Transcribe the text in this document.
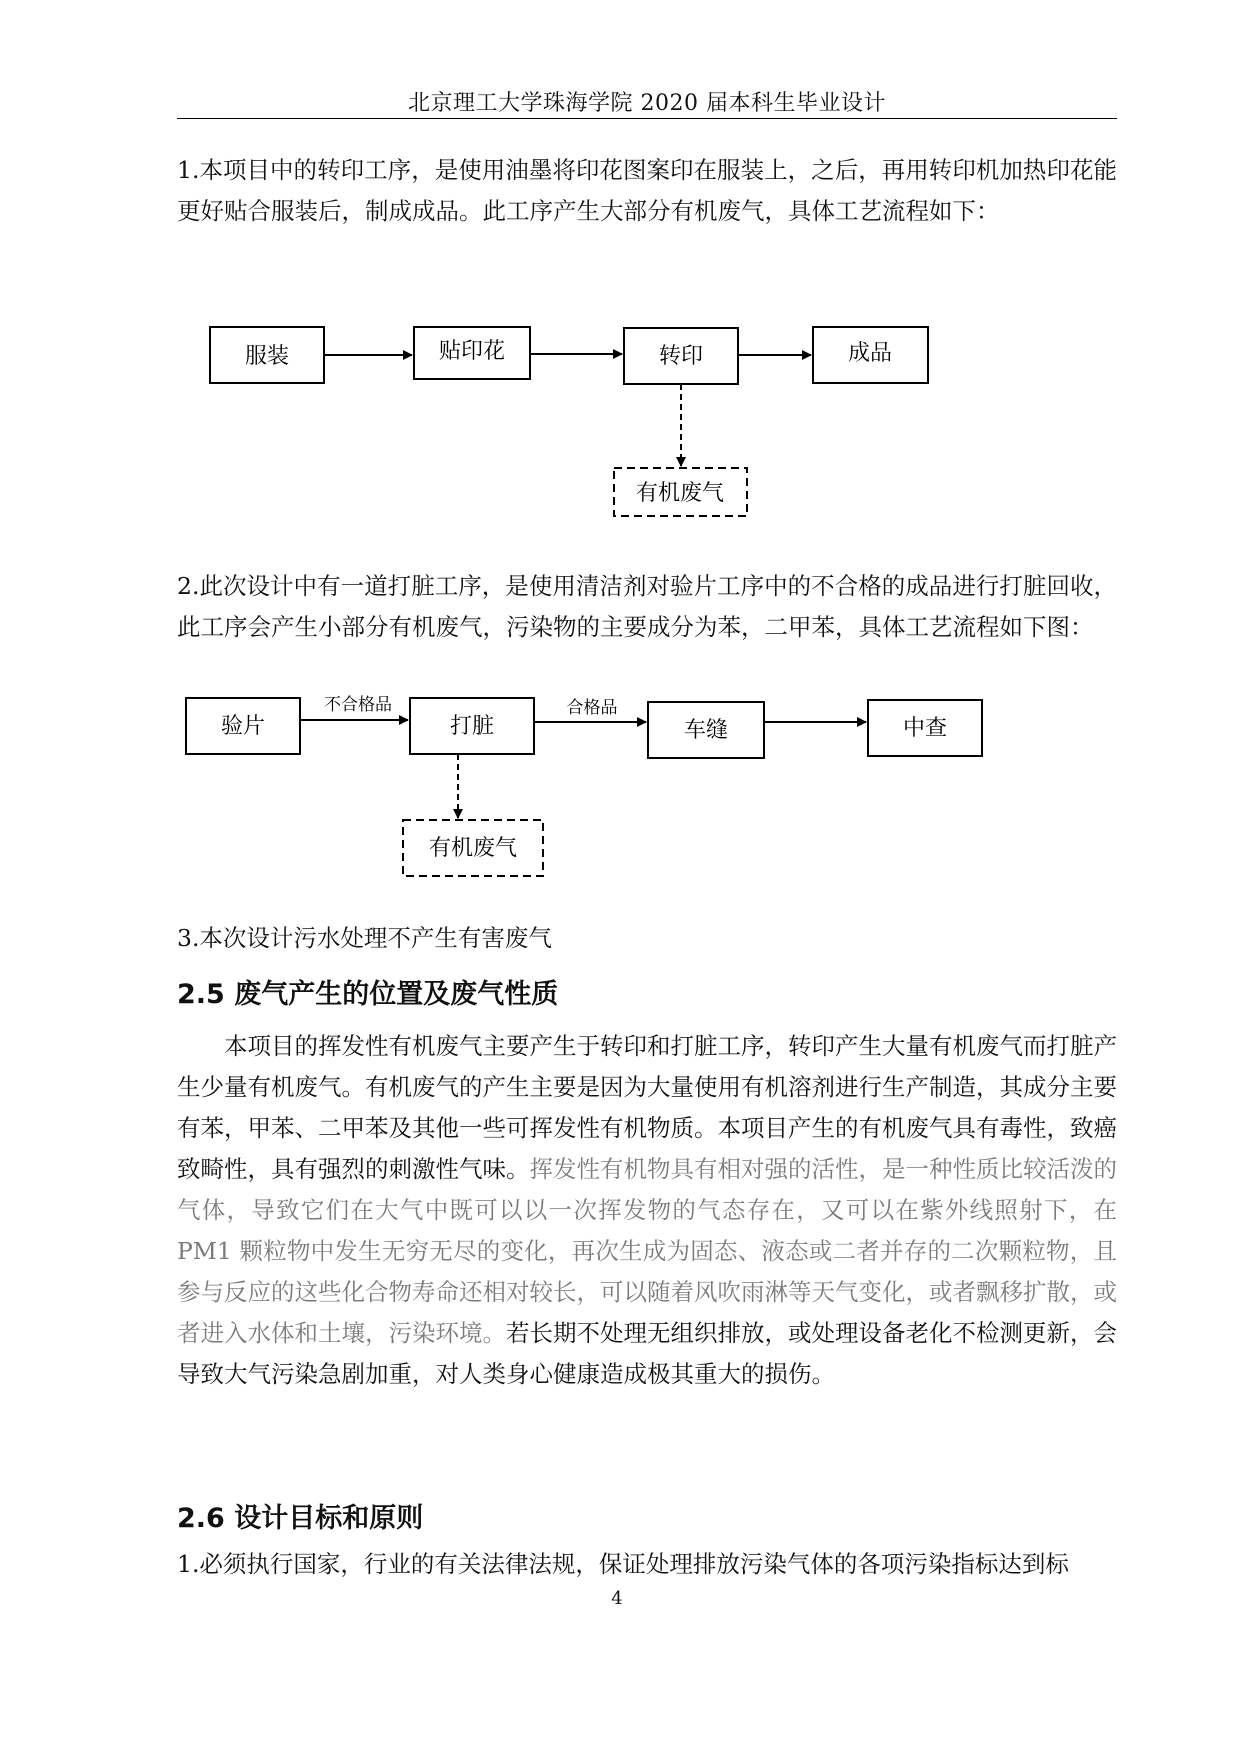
北京理工大学珠海学院 2020 届本科生毕业设计

1.本项目中的转印工序，是使用油墨将印花图案印在服装上，之后，再用转印机加热印花能更好贴合服装后，制成成品。此工序产生大部分有机废气，具体工艺流程如下：

服装	贴印花	转印	成品
有机废气

2.此次设计中有一道打脏工序，是使用清洁剂对验片工序中的不合格的成品进行打脏回收，此工序会产生小部分有机废气，污染物的主要成分为苯，二甲苯，具体工艺流程如下图：

验片
不合格品
打脏
合格品
车缝	中查
有机废气

3.本次设计污水处理不产生有害废气

2.5 废气产生的位置及废气性质

本项目的挥发性有机废气主要产生于转印和打脏工序，转印产生大量有机废气而打脏产生少量有机废气。有机废气的产生主要是因为大量使用有机溶剂进行生产制造，其成分主要有苯，甲苯、二甲苯及其他一些可挥发性有机物质。本项目产生的有机废气具有毒性，致癌致畸性，具有强烈的刺激性气味。挥发性有机物具有相对强的活性，是一种性质比较活泼的气体，导致它们在大气中既可以以一次挥发物的气态存在，又可以在紫外线照射下，在 PM1 颗粒物中发生无穷无尽的变化，再次生成为固态、液态或二者并存的二次颗粒物，且参与反应的这些化合物寿命还相对较长，可以随着风吹雨淋等天气变化，或者飘移扩散，或者进入水体和土壤，污染环境。若长期不处理无组织排放，或处理设备老化不检测更新，会导致大气污染急剧加重，对人类身心健康造成极其重大的损伤。

2.6 设计目标和原则

1.必须执行国家，行业的有关法律法规，保证处理排放污染气体的各项污染指标达到标

4
